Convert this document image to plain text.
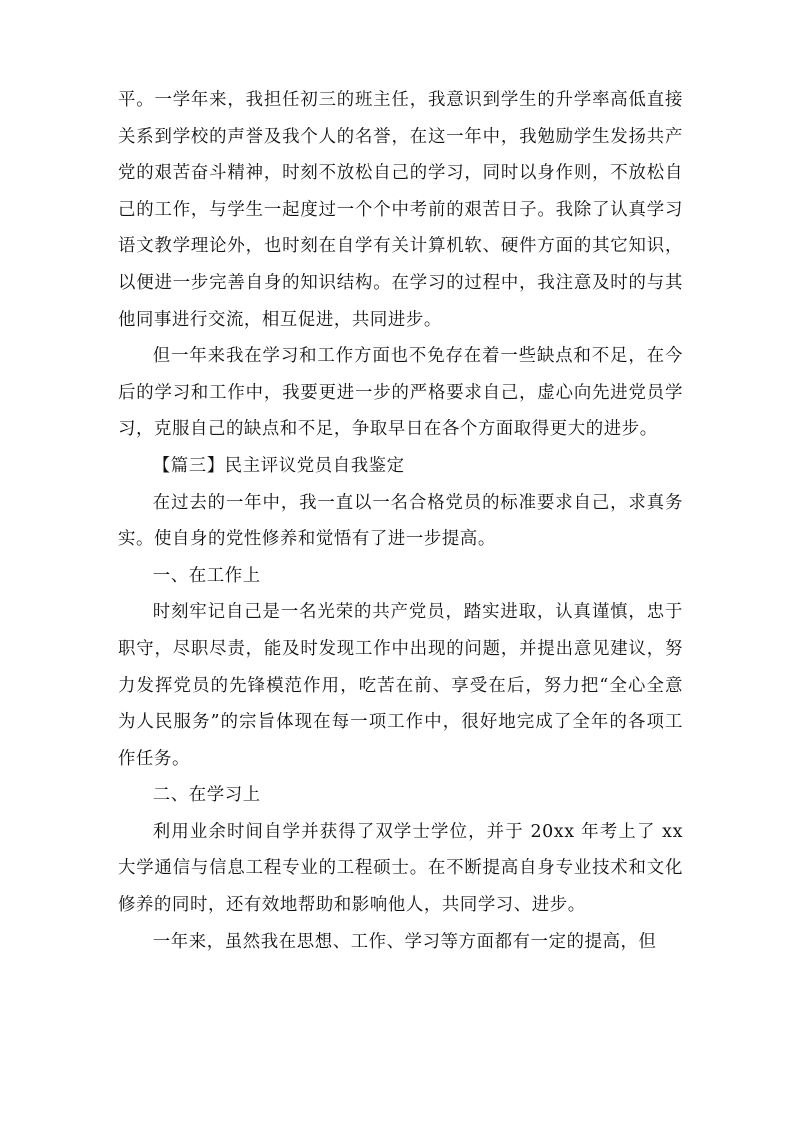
平。一学年来，我担任初三的班主任，我意识到学生的升学率高低直接关系到学校的声誉及我个人的名誉，在这一年中，我勉励学生发扬共产党的艰苦奋斗精神，时刻不放松自己的学习，同时以身作则，不放松自己的工作，与学生一起度过一个个中考前的艰苦日子。我除了认真学习语文教学理论外，也时刻在自学有关计算机软、硬件方面的其它知识，以便进一步完善自身的知识结构。在学习的过程中，我注意及时的与其他同事进行交流，相互促进，共同进步。

但一年来我在学习和工作方面也不免存在着一些缺点和不足，在今后的学习和工作中，我要更进一步的严格要求自己，虚心向先进党员学习，克服自己的缺点和不足，争取早日在各个方面取得更大的进步。

【篇三】民主评议党员自我鉴定

在过去的一年中，我一直以一名合格党员的标准要求自己，求真务实。使自身的党性修养和觉悟有了进一步提高。

一、在工作上

时刻牢记自己是一名光荣的共产党员，踏实进取，认真谨慎，忠于职守，尽职尽责，能及时发现工作中出现的问题，并提出意见建议，努力发挥党员的先锋模范作用，吃苦在前、享受在后，努力把“全心全意为人民服务”的宗旨体现在每一项工作中，很好地完成了全年的各项工作任务。

二、在学习上

利用业余时间自学并获得了双学士学位，并于 20xx 年考上了 xx 大学通信与信息工程专业的工程硕士。在不断提高自身专业技术和文化修养的同时，还有效地帮助和影响他人，共同学习、进步。

一年来，虽然我在思想、工作、学习等方面都有一定的提高，但
